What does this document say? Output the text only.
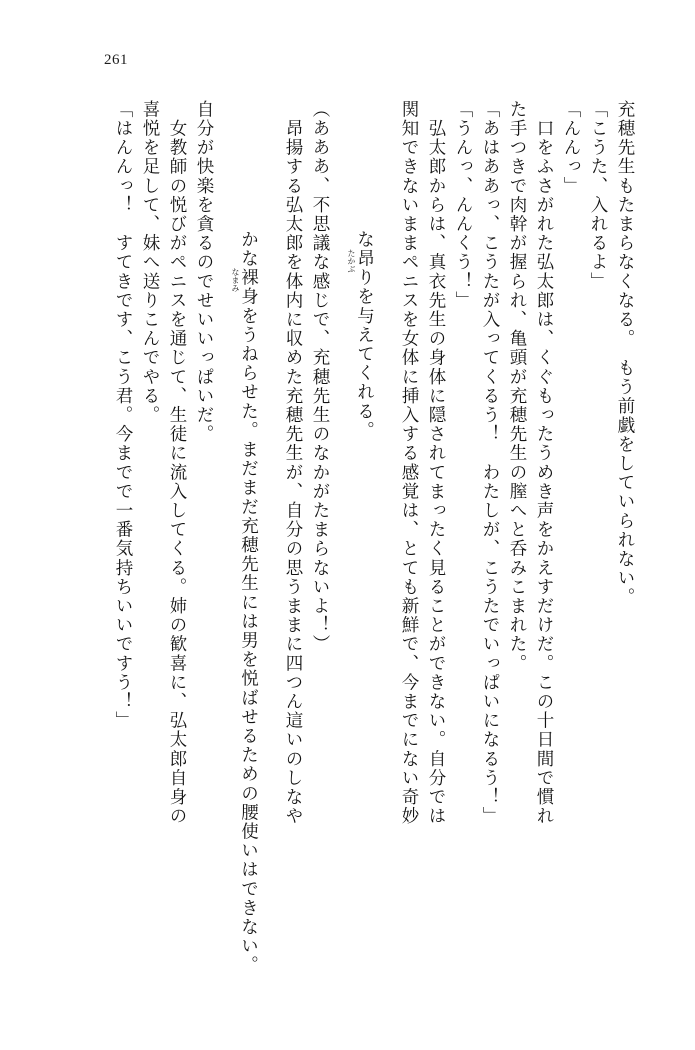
261
充穂先生もたまらなくなる。　もう前戯をしていられない。
「こうた、入れるよ」
「んんっ」
　口をふさがれた弘太郎は、くぐもったうめき声をかえすだけだ。この十日間で慣れ
た手つきで肉幹が握られ、亀頭が充穂先生の膣へと呑みこまれた。
「あはああっ、こうたが入ってくるう！　わたしが、こうたでいっぱいになるう！」
「うんっ、んんくう！」
　弘太郎からは、真衣先生の身体に隠されてまったく見ることができない。自分では
関知できないままペニスを女体に挿入する感覚は、とても新鮮で、今までにない奇妙

な
たかぶ
昂りを与えてくれる。

（あああ、不思議な感じで、充穂先生のなかがたまらないよ！）
　昂揚する弘太郎を体内に収めた充穂先生が、自分の思うままに四つん這いのしなや

かな
なまみ
裸身をうねらせた。まだまだ充穂先生には男を悦ばせるための腰使いはできない。

自分が快楽を貪るのでせいいっぱいだ。
　女教師の悦びがペニスを通じて、生徒に流入してくる。姉の歓喜に、弘太郎自身の
喜悦を足して、妹へ送りこんでやる。
「はんんっ！　すてきです、こう君。今までで一番気持ちいいですう！」
